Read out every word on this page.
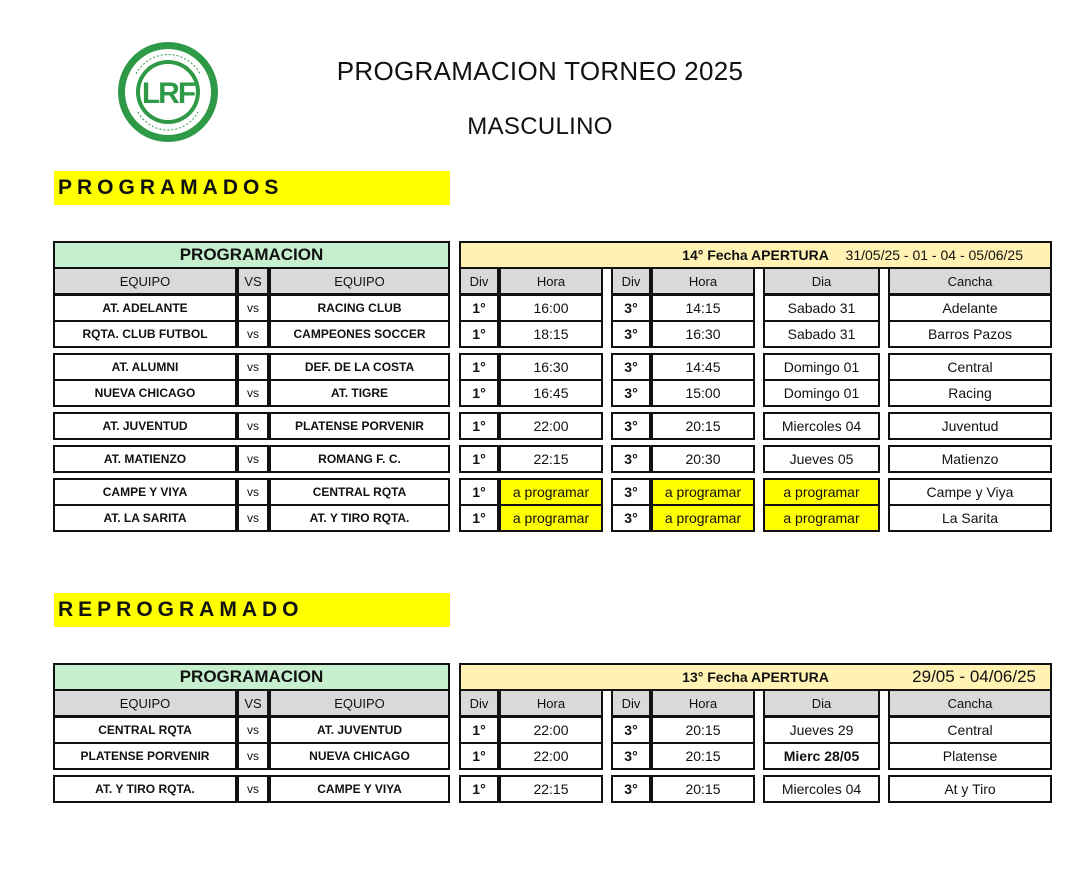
LRF
PROGRAMACION TORNEO 2025
MASCULINO
PROGRAMADOS
REPROGRAMADO
PROGRAMACION	14° Fecha APERTURA	31/05/25 - 01 - 04 - 05/06/25
EQUIPO	VS	EQUIPO	Div	Hora	Div	Hora	Dia	Cancha
AT. ADELANTE	vs	RACING CLUB	1°	16:00	3°	14:15	Sabado 31	Adelante
RQTA. CLUB FUTBOL	vs	CAMPEONES SOCCER	1°	18:15	3°	16:30	Sabado 31	Barros Pazos
AT. ALUMNI	vs	DEF. DE LA COSTA	1°	16:30	3°	14:45	Domingo 01	Central
NUEVA CHICAGO	vs	AT. TIGRE	1°	16:45	3°	15:00	Domingo 01	Racing
AT. JUVENTUD	vs	PLATENSE PORVENIR	1°	22:00	3°	20:15	Miercoles 04	Juventud
AT. MATIENZO	vs	ROMANG F. C.	1°	22:15	3°	20:30	Jueves 05	Matienzo
CAMPE Y VIYA	vs	CENTRAL RQTA	1°	a programar	3°	a programar	a programar	Campe y Viya
AT. LA SARITA	vs	AT. Y TIRO RQTA.	1°	a programar	3°	a programar	a programar	La Sarita
PROGRAMACION	13° Fecha APERTURA	29/05 - 04/06/25
EQUIPO	VS	EQUIPO	Div	Hora	Div	Hora	Dia	Cancha
CENTRAL RQTA	vs	AT. JUVENTUD	1°	22:00	3°	20:15	Jueves 29	Central
PLATENSE PORVENIR	vs	NUEVA CHICAGO	1°	22:00	3°	20:15	Mierc 28/05	Platense
AT. Y TIRO RQTA.	vs	CAMPE Y VIYA	1°	22:15	3°	20:15	Miercoles 04	At y Tiro
